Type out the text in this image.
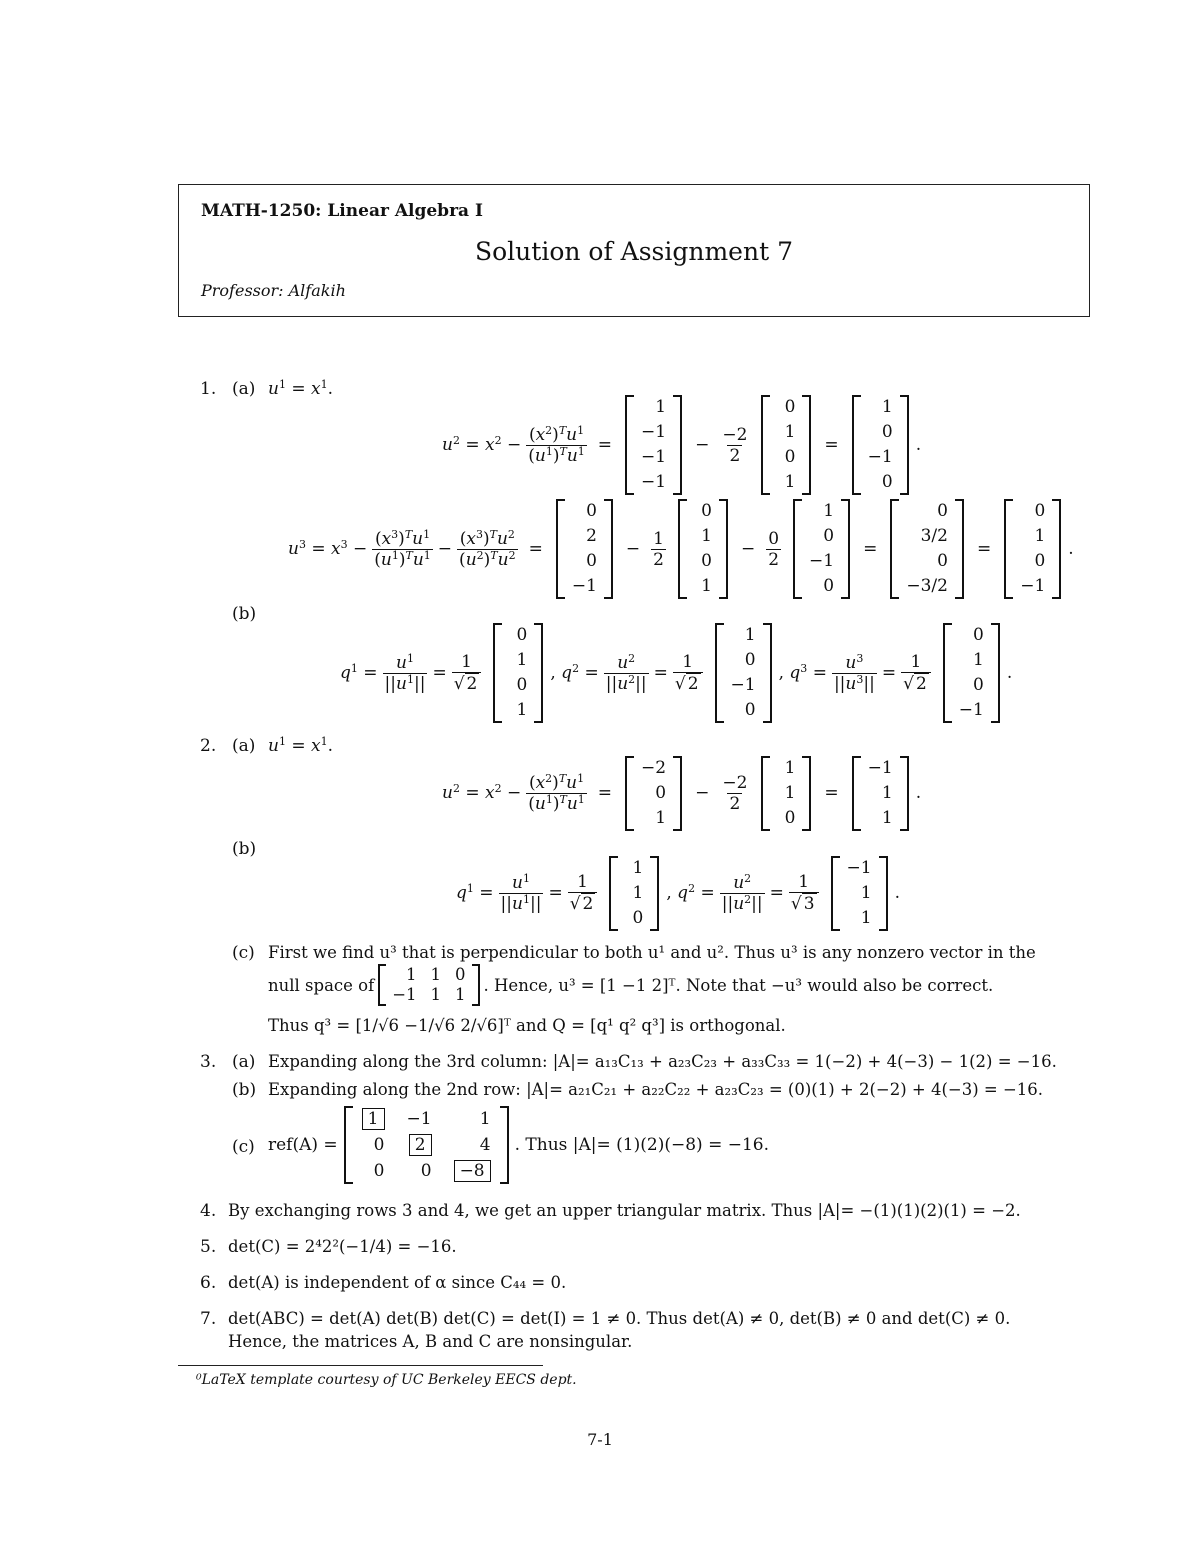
MATH-1250: Linear Algebra I
Solution of Assignment 7
Professor: Alfakih
1. (a) $u^1 = x^1$.
$u^2 = x^2 - \frac{(x^2)^Tu^1}{(u^1)^Tu^1}$ =
1
−1
−1
−1
− $\frac{-2}{2}$
0
1
0
1
=
1
0
−1
0
.
$u^3 = x^3 - \frac{(x^3)^Tu^1}{(u^1)^Tu^1} - \frac{(x^3)^Tu^2}{(u^2)^Tu^2}$ =
0
2
0
−1
− $\frac{1}{2}$
0
1
0
1
− $\frac{0}{2}$
1
0
−1
0
=
0
3/2
0
−3/2
=
0
1
0
−1
.
(b)
$q^1 = \frac{u^1}{||u^1||} = \frac{1}{√ 2}$
0
1
0
1
, $q^2 = \frac{u^2}{||u^2||} = \frac{1}{√ 2}$
1
0
−1
0
, $q^3 = \frac{u^3}{||u^3||} = \frac{1}{√ 2}$
0
1
0
−1
.
2. (a) $u^1 = x^1$.
$u^2 = x^2 - \frac{(x^2)^Tu^1}{(u^1)^Tu^1}$ =
−2
0
1
− $\frac{-2}{2}$
1
1
0
=
−1
1
1
.
(b)
$q^1 = \frac{u^1}{||u^1||} = \frac{1}{√ 2}$
1
1
0
, $q^2 = \frac{u^2}{||u^2||} = \frac{1}{√ 3}$
−1
1
1
.
(c) First we find u³ that is perpendicular to both u¹ and u². Thus u³ is any nonzero vector in the
null space of
1 1 0
−1 1 1 . Hence, u³ = [1 −1 2]ᵀ. Note that −u³ would also be correct.
Thus q³ = [1/√6 −1/√6 2/√6]ᵀ and Q = [q¹ q² q³] is orthogonal.
3. (a) Expanding along the 3rd column: |A|= a₁₃C₁₃ + a₂₃C₂₃ + a₃₃C₃₃ = 1(−2) + 4(−3) − 1(2) = −16.
(b) Expanding along the 2nd row: |A|= a₂₁C₂₁ + a₂₂C₂₂ + a₂₃C₂₃ = (0)(1) + 2(−2) + 4(−3) = −16.
(c) ref(A) =
1	−1	1
0	2	4
0 0	−8
. Thus |A|= (1)(2)(−8) = −16.
4. By exchanging rows 3 and 4, we get an upper triangular matrix. Thus |A|= −(1)(1)(2)(1) = −2.
5. det(C) = 2⁴2²(−1/4) = −16.
6. det(A) is independent of α since C₄₄ = 0.
7. det(ABC) = det(A) det(B) det(C) = det(I) = 1 ≠ 0. Thus det(A) ≠ 0, det(B) ≠ 0 and det(C) ≠ 0.
Hence, the matrices A, B and C are nonsingular.
⁰LaTeX template courtesy of UC Berkeley EECS dept.
7-1
